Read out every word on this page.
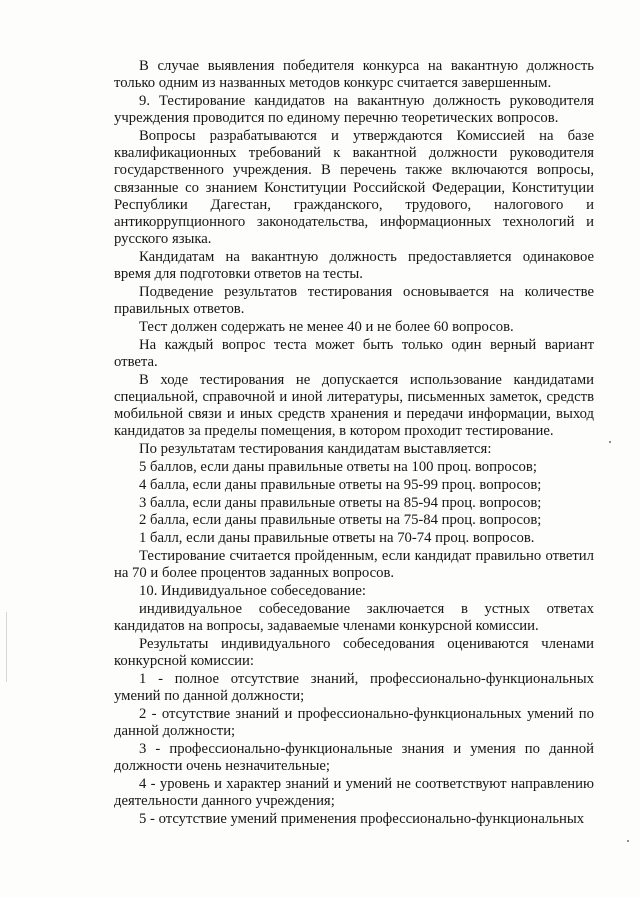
В случае выявления победителя конкурса на вакантную должность только одним из названных методов конкурс считается завершенным.

9. Тестирование кандидатов на вакантную должность руководителя учреждения проводится по единому перечню теоретических вопросов.

Вопросы разрабатываются и утверждаются Комиссией на базе квалификационных требований к вакантной должности руководителя государственного учреждения. В перечень также включаются вопросы, связанные со знанием Конституции Российской Федерации, Конституции Республики Дагестан, гражданского, трудового, налогового и антикоррупционного законодательства, информационных технологий и русского языка.

Кандидатам на вакантную должность предоставляется одинаковое время для подготовки ответов на тесты.

Подведение результатов тестирования основывается на количестве правильных ответов.

Тест должен содержать не менее 40 и не более 60 вопросов.

На каждый вопрос теста может быть только один верный вариант ответа.

В ходе тестирования не допускается использование кандидатами специальной, справочной и иной литературы, письменных заметок, средств мобильной связи и иных средств хранения и передачи информации, выход кандидатов за пределы помещения, в котором проходит тестирование.

По результатам тестирования кандидатам выставляется:

5 баллов, если даны правильные ответы на 100 проц. вопросов;

4 балла, если даны правильные ответы на 95-99 проц. вопросов;

3 балла, если даны правильные ответы на 85-94 проц. вопросов;

2 балла, если даны правильные ответы на 75-84 проц. вопросов;

1 балл, если даны правильные ответы на 70-74 проц. вопросов.

Тестирование считается пройденным, если кандидат правильно ответил на 70 и более процентов заданных вопросов.

10. Индивидуальное собеседование:

индивидуальное собеседование заключается в устных ответах кандидатов на вопросы, задаваемые членами конкурсной комиссии.

Результаты индивидуального собеседования оцениваются членами конкурсной комиссии:

1 - полное отсутствие знаний, профессионально-функциональных умений по данной должности;

2 - отсутствие знаний и профессионально-функциональных умений по данной должности;

3 - профессионально-функциональные знания и умения по данной должности очень незначительные;

4 - уровень и характер знаний и умений не соответствуют направлению деятельности данного учреждения;

5 - отсутствие умений применения профессионально-функциональных
